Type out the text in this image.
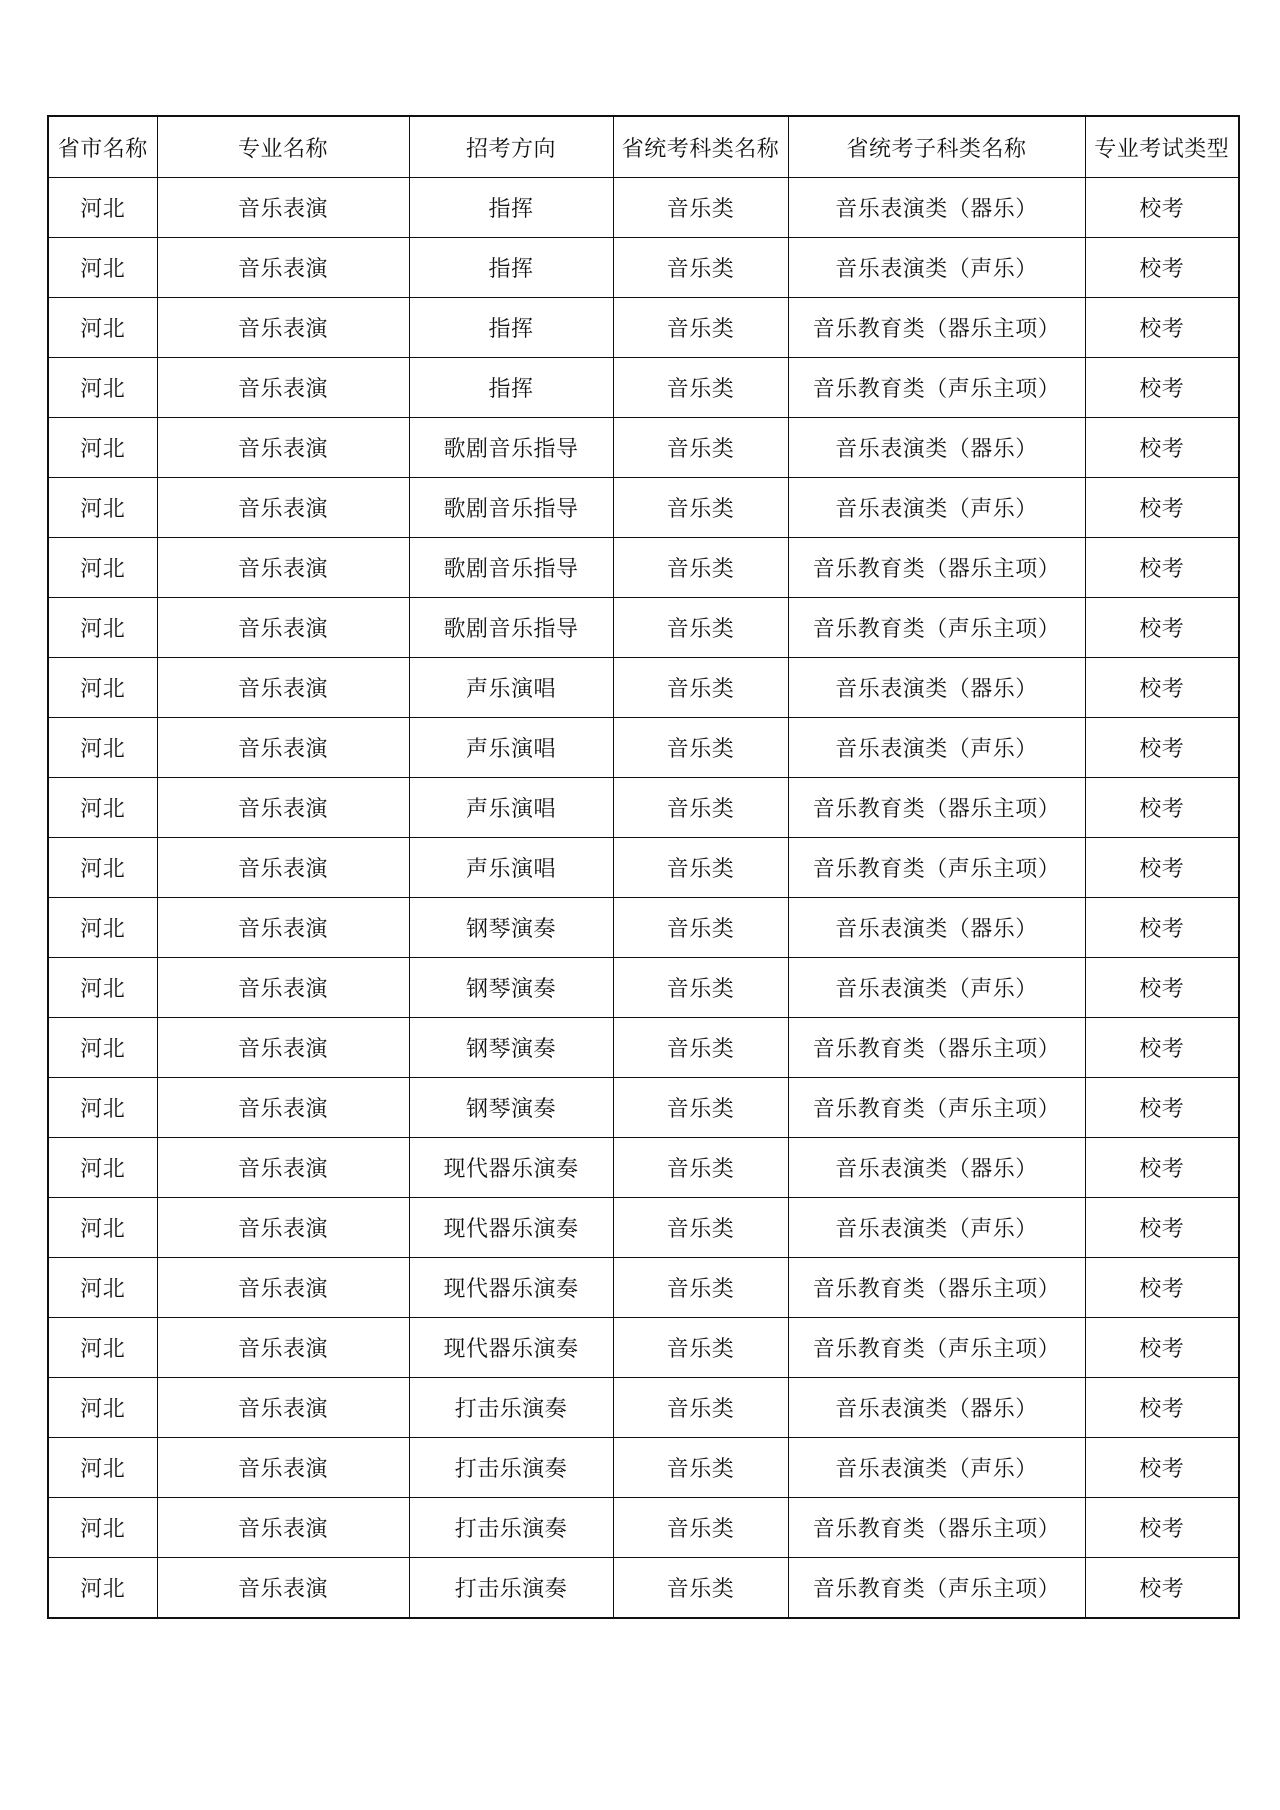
省市名称	专业名称	招考方向	省统考科类名称	省统考子科类名称	专业考试类型
河北	音乐表演	指挥	音乐类	音乐表演类（器乐）	校考
河北	音乐表演	指挥	音乐类	音乐表演类（声乐）	校考
河北	音乐表演	指挥	音乐类	音乐教育类（器乐主项）	校考
河北	音乐表演	指挥	音乐类	音乐教育类（声乐主项）	校考
河北	音乐表演	歌剧音乐指导	音乐类	音乐表演类（器乐）	校考
河北	音乐表演	歌剧音乐指导	音乐类	音乐表演类（声乐）	校考
河北	音乐表演	歌剧音乐指导	音乐类	音乐教育类（器乐主项）	校考
河北	音乐表演	歌剧音乐指导	音乐类	音乐教育类（声乐主项）	校考
河北	音乐表演	声乐演唱	音乐类	音乐表演类（器乐）	校考
河北	音乐表演	声乐演唱	音乐类	音乐表演类（声乐）	校考
河北	音乐表演	声乐演唱	音乐类	音乐教育类（器乐主项）	校考
河北	音乐表演	声乐演唱	音乐类	音乐教育类（声乐主项）	校考
河北	音乐表演	钢琴演奏	音乐类	音乐表演类（器乐）	校考
河北	音乐表演	钢琴演奏	音乐类	音乐表演类（声乐）	校考
河北	音乐表演	钢琴演奏	音乐类	音乐教育类（器乐主项）	校考
河北	音乐表演	钢琴演奏	音乐类	音乐教育类（声乐主项）	校考
河北	音乐表演	现代器乐演奏	音乐类	音乐表演类（器乐）	校考
河北	音乐表演	现代器乐演奏	音乐类	音乐表演类（声乐）	校考
河北	音乐表演	现代器乐演奏	音乐类	音乐教育类（器乐主项）	校考
河北	音乐表演	现代器乐演奏	音乐类	音乐教育类（声乐主项）	校考
河北	音乐表演	打击乐演奏	音乐类	音乐表演类（器乐）	校考
河北	音乐表演	打击乐演奏	音乐类	音乐表演类（声乐）	校考
河北	音乐表演	打击乐演奏	音乐类	音乐教育类（器乐主项）	校考
河北	音乐表演	打击乐演奏	音乐类	音乐教育类（声乐主项）	校考
